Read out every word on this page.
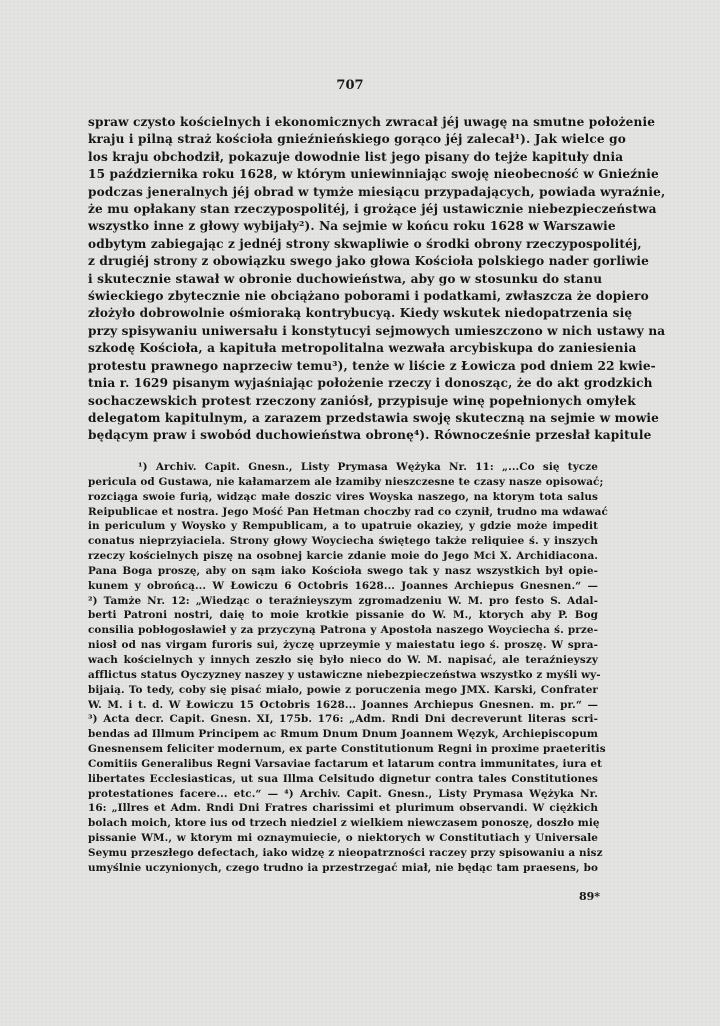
707
spraw czysto kościelnych i ekonomicznych zwracał jéj uwagę na smutne położenie
kraju i pilną straż kościoła gnieźnieńskiego gorąco jéj zalecał¹). Jak wielce go
los kraju obchodził, pokazuje dowodnie list jego pisany do tejże kapituły dnia
15 października roku 1628, w którym uniewinniając swoję nieobecność w Gnieźnie
podczas jeneralnych jéj obrad w tymże miesiącu przypadających, powiada wyraźnie,
że mu opłakany stan rzeczypospolitéj, i grożące jéj ustawicznie niebezpieczeństwa
wszystko inne z głowy wybijały²). Na sejmie w końcu roku 1628 w Warszawie
odbytym zabiegając z jednéj strony skwapliwie o środki obrony rzeczypospolitéj,
z drugiéj strony z obowiązku swego jako głowa Kościoła polskiego nader gorliwie
i skutecznie stawał w obronie duchowieństwa, aby go w stosunku do stanu
świeckiego zbytecznie nie obciążano poborami i podatkami, zwłaszcza że dopiero
złożyło dobrowolnie ośmioraką kontrybucyą. Kiedy wskutek niedopatrzenia się
przy spisywaniu uniwersału i konstytucyi sejmowych umieszczono w nich ustawy na
szkodę Kościoła, a kapituła metropolitalna wezwała arcybiskupa do zaniesienia
protestu prawnego naprzeciw temu³), tenże w liście z Łowicza pod dniem 22 kwie-
tnia r. 1629 pisanym wyjaśniając położenie rzeczy i donosząc, że do akt grodzkich
sochaczewskich protest rzeczony zaniósł, przypisuje winę popełnionych omyłek
delegatom kapitulnym, a zarazem przedstawia swoję skuteczną na sejmie w mowie
będącym praw i swobód duchowieństwa obronę⁴). Równocześnie przesłał kapitule
¹) Archiv. Capit. Gnesn., Listy Prymasa Wężyka Nr. 11: „...Co się tycze
pericula od Gustawa, nie kałamarzem ale łzamiby nieszczesne te czasy nasze opisować;
rozciąga swoie furią, widząc małe doszic vires Woyska naszego, na ktorym tota salus
Reipublicae et nostra. Jego Mość Pan Hetman choczby rad co czynił, trudno ma wdawać
in periculum y Woysko y Rempublicam, a to upatruie okaziey, y gdzie może impedit
conatus nieprzyiaciela. Strony głowy Woyciecha świętego także reliquiee ś. y inszych
rzeczy kościelnych piszę na osobnej karcie zdanie moie do Jego Mci X. Archidiacona.
Pana Boga proszę, aby on sąm iako Kościoła swego tak y nasz wszystkich był opie-
kunem y obrońcą... W Łowiczu 6 Octobris 1628... Joannes Archiepus Gnesnen.“ —
²) Tamże Nr. 12: „Wiedząc o teraźnieyszym zgromadzeniu W. M. pro festo S. Adal-
berti Patroni nostri, daię to moie krotkie pissanie do W. M., ktorych aby P. Bog
consilia pobłogosławieł y za przyczyną Patrona y Apostoła naszego Woyciecha ś. prze-
niosł od nas virgam furoris sui, życzę uprzeymie y maiestatu iego ś. proszę. W spra-
wach kościelnych y innych zeszło się było nieco do W. M. napisać, ale teraźnieyszy
afflictus status Oyczyzney naszey y ustawiczne niebezpieczeństwa wszystko z myśli wy-
bijaią. To tedy, coby się pisać miało, powie z poruczenia mego JMX. Karski, Confrater
W. M. i t. d. W Łowiczu 15 Octobris 1628... Joannes Archiepus Gnesnen. m. pr.“ —
³) Acta decr. Capit. Gnesn. XI, 175b. 176: „Adm. Rndi Dni decreverunt literas scri-
bendas ad Illmum Principem ac Rmum Dnum Dnum Joannem Węzyk, Archiepiscopum
Gnesnensem feliciter modernum, ex parte Constitutionum Regni in proxime praeteritis
Comitiis Generalibus Regni Varsaviae factarum et latarum contra immunitates, iura et
libertates Ecclesiasticas, ut sua Illma Celsitudo dignetur contra tales Constitutiones
protestationes facere... etc.“ — ⁴) Archiv. Capit. Gnesn., Listy Prymasa Wężyka Nr.
16: „Illres et Adm. Rndi Dni Fratres charissimi et plurimum observandi. W ciężkich
bolach moich, ktore ius od trzech niedziel z wielkiem niewczasem ponoszę, doszło mię
pissanie WM., w ktorym mi oznaymuiecie, o niektorych w Constitutiach y Universale
Seymu przeszłego defectach, iako widzę z nieopatrzności raczey przy spisowaniu a nisz
umyślnie uczynionych, czego trudno ia przestrzegać miał, nie będąc tam praesens, bo
89*
